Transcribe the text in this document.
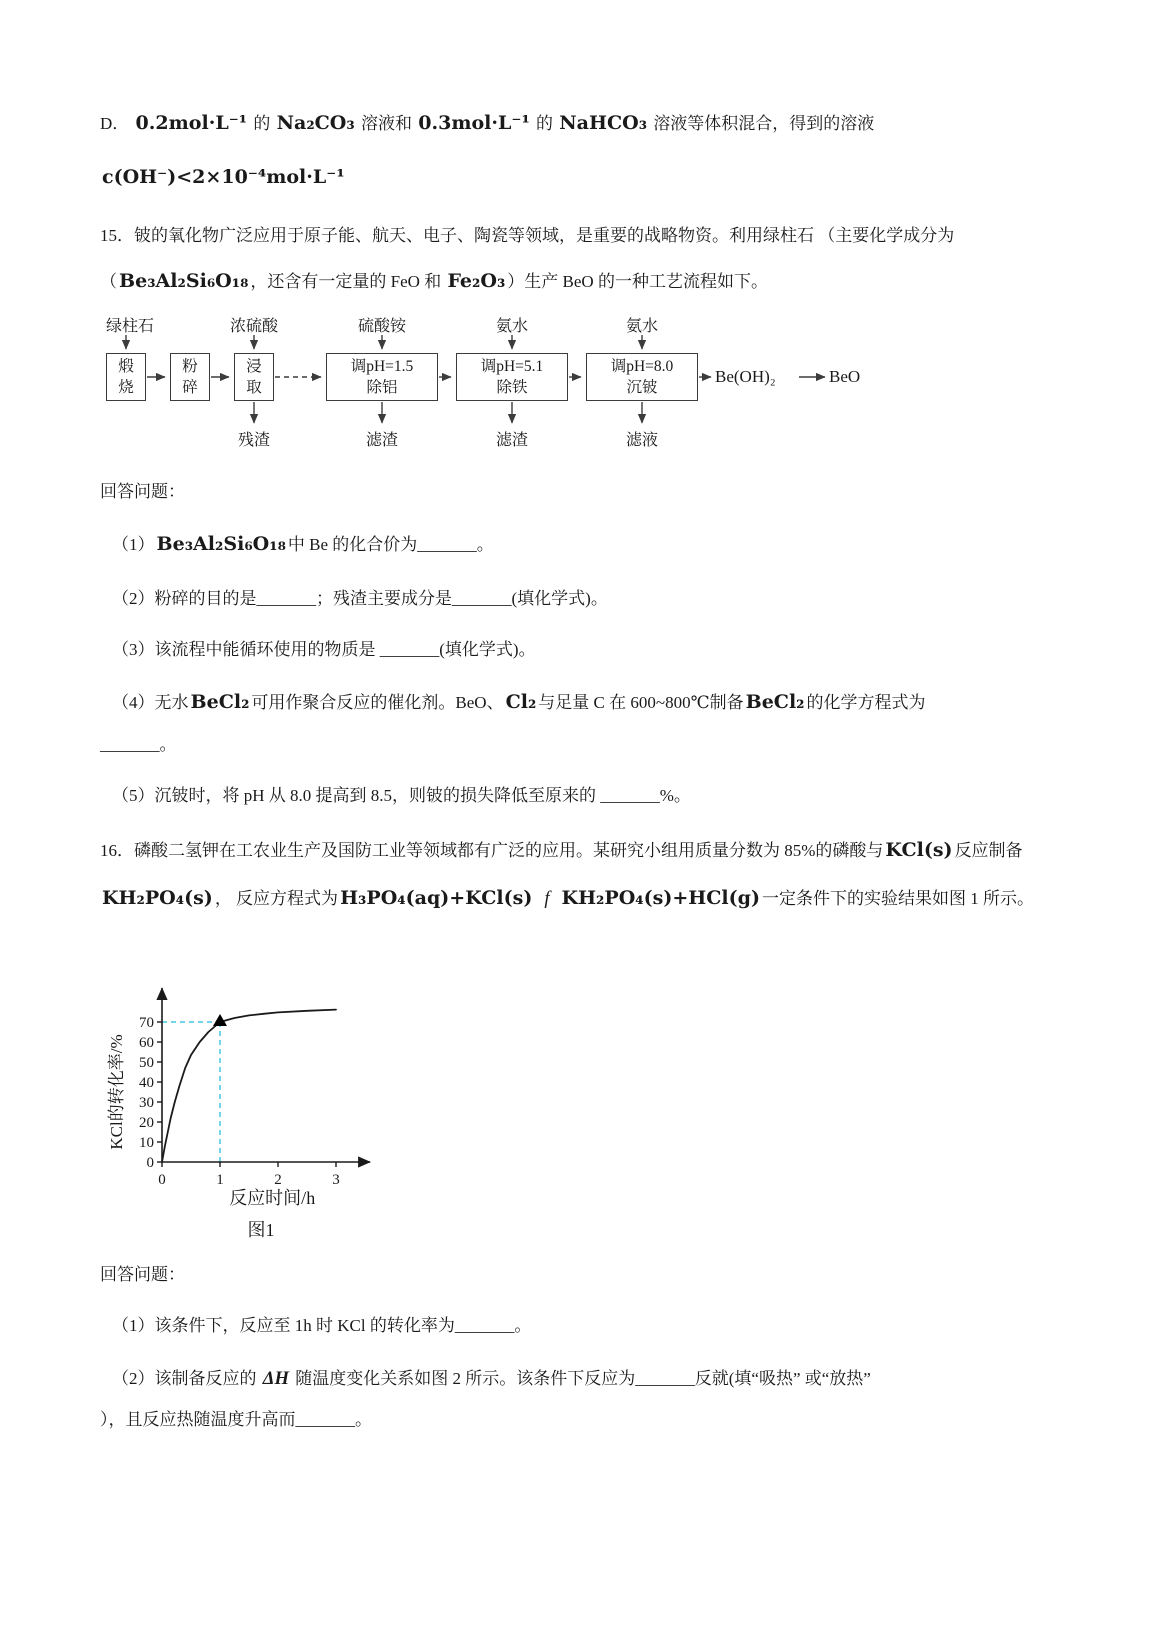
D． 0.2mol·L⁻¹ 的 Na₂CO₃ 溶液和 0.3mol·L⁻¹ 的 NaHCO₃ 溶液等体积混合，得到的溶液
c(OH⁻)<2×10⁻⁴mol·L⁻¹
15．铍的氧化物广泛应用于原子能、航天、电子、陶瓷等领域，是重要的战略物资。利用绿柱石 （主要化学成分为（ Be₃Al₂Si₆O₁₈ ，还含有一定量的 FeO 和 Fe₂O₃ ）生产 BeO 的一种工艺流程如下。
绿柱石	浓硫酸	硫酸铵	氨水	氨水
煅
烧
粉
碎
浸
取
调pH=1.5
除铝
调pH=5.1
除铁
调pH=8.0
沉铍
Be(OH)₂	BeO
残渣	滤渣	滤渣	滤液
回答问题：
（1） Be₃Al₂Si₆O₁₈ 中 Be 的化合价为_______。
（2）粉碎的目的是_______；残渣主要成分是_______(填化学式)。
（3）该流程中能循环使用的物质是 _______(填化学式)。
（4）无水 BeCl₂ 可用作聚合反应的催化剂。BeO、 Cl₂ 与足量 C 在 600~800℃制备 BeCl₂ 的化学方程式为
_______。
（5）沉铍时，将 pH 从 8.0 提高到 8.5，则铍的损失降低至原来的 _______%。
16．磷酸二氢钾在工农业生产及国防工业等领域都有广泛的应用。某研究小组用质量分数为 85%的磷酸与 KCl(s) 反应制备KH₂PO₄(s) ， 反应方程式为 H₃PO₄(aq)+KCl(s) f KH₂PO₄(s)+HCl(g) 一定条件下的实验结果如图 1 所示。
0	1	2	3
0
10
20
30
40
50
60
70
反应时间/h
KCl的转化率/%
图1
回答问题：
（1）该条件下，反应至 1h 时 KCl 的转化率为_______。
（2）该制备反应的 ΔH 随温度变化关系如图 2 所示。该条件下反应为_______反就(填“吸热” 或“放热”
），且反应热随温度升高而_______。
